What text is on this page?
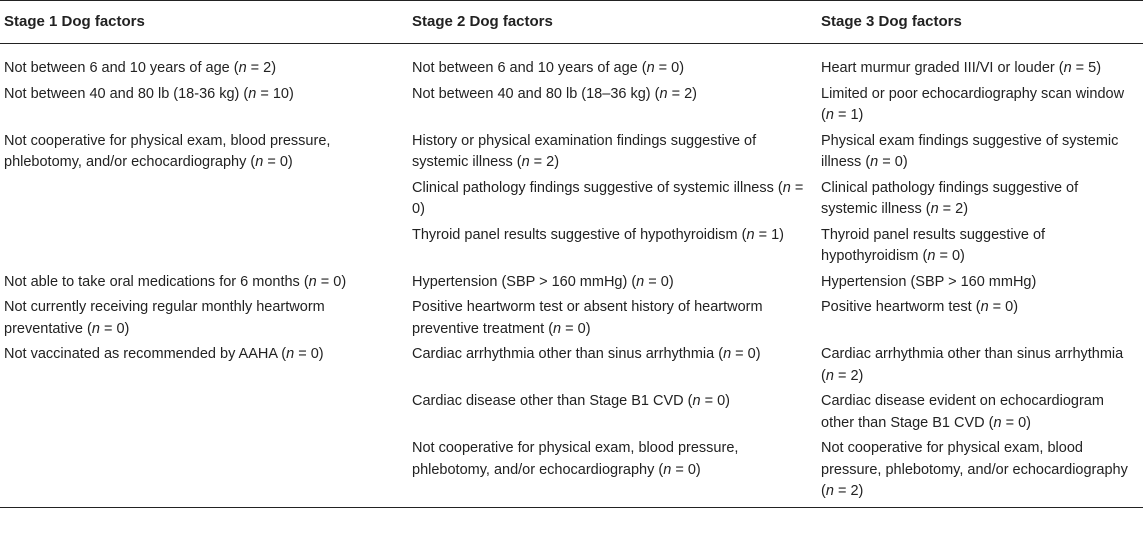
Stage 1 Dog factors	Stage 2 Dog factors	Stage 3 Dog factors
Not between 6 and 10 years of age (n = 2)	Not between 6 and 10 years of age (n = 0)	Heart murmur graded III/VI or louder (n = 5)
Not between 40 and 80 lb (18-36 kg) (n = 10)	Not between 40 and 80 lb (18–36 kg) (n = 2)	Limited or poor echocardiography scan window (n = 1)
Not cooperative for physical exam, blood pressure, phlebotomy, and/or echocardiography (n = 0)	History or physical examination findings suggestive of systemic illness (n = 2)	Physical exam findings suggestive of systemic illness (n = 0)
	Clinical pathology findings suggestive of systemic illness (n = 0)	Clinical pathology findings suggestive of systemic illness (n = 2)
	Thyroid panel results suggestive of hypothyroidism (n = 1)	Thyroid panel results suggestive of hypothyroidism (n = 0)
Not able to take oral medications for 6 months (n = 0)	Hypertension (SBP > 160 mmHg) (n = 0)	Hypertension (SBP > 160 mmHg)
Not currently receiving regular monthly heartworm preventative (n = 0)	Positive heartworm test or absent history of heartworm preventive treatment (n = 0)	Positive heartworm test (n = 0)
Not vaccinated as recommended by AAHA (n = 0)	Cardiac arrhythmia other than sinus arrhythmia (n = 0)	Cardiac arrhythmia other than sinus arrhythmia (n = 2)
	Cardiac disease other than Stage B1 CVD (n = 0)	Cardiac disease evident on echocardiogram other than Stage B1 CVD (n = 0)
	Not cooperative for physical exam, blood pressure, phlebotomy, and/or echocardiography (n = 0)	Not cooperative for physical exam, blood pressure, phlebotomy, and/or echocardiography (n = 2)
